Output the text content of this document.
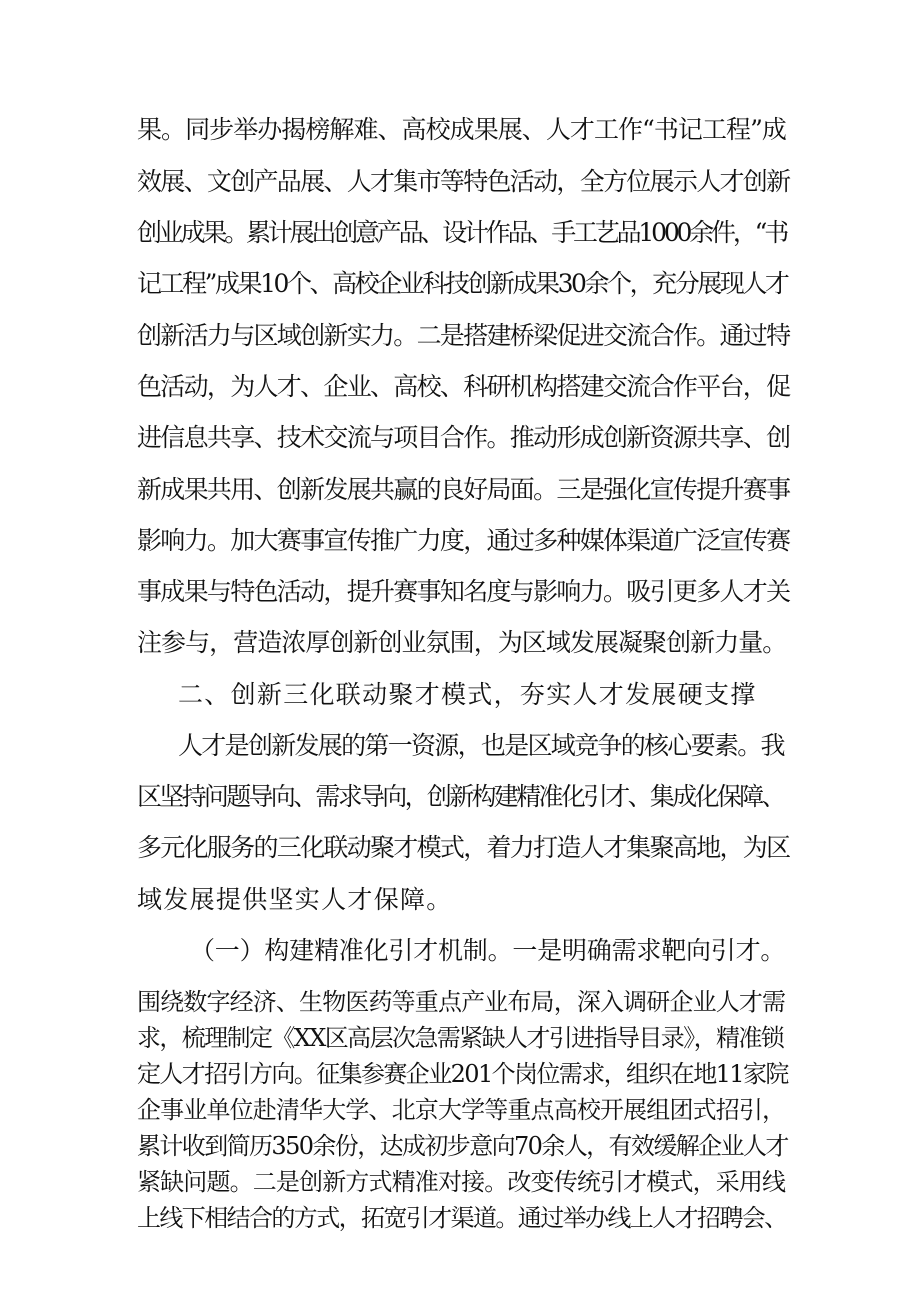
果。同步举办揭榜解难、高校成果展、人才工作“书记工程”成
效展、文创产品展、人才集市等特色活动，全方位展示人才创新
创业成果。累计展出创意产品、设计作品、手工艺品1000余件，“书
记工程”成果10个、高校企业科技创新成果30余个，充分展现人才
创新活力与区域创新实力。二是搭建桥梁促进交流合作。通过特
色活动，为人才、企业、高校、科研机构搭建交流合作平台，促
进信息共享、技术交流与项目合作。推动形成创新资源共享、创
新成果共用、创新发展共赢的良好局面。三是强化宣传提升赛事
影响力。加大赛事宣传推广力度，通过多种媒体渠道广泛宣传赛
事成果与特色活动，提升赛事知名度与影响力。吸引更多人才关
注参与，营造浓厚创新创业氛围，为区域发展凝聚创新力量。
二、创新三化联动聚才模式，夯实人才发展硬支撑
人才是创新发展的第一资源，也是区域竞争的核心要素。我
区坚持问题导向、需求导向，创新构建精准化引才、集成化保障、
多元化服务的三化联动聚才模式，着力打造人才集聚高地，为区
域发展提供坚实人才保障。
（一）构建精准化引才机制。一是明确需求靶向引才。
围绕数字经济、生物医药等重点产业布局，深入调研企业人才需
求，梳理制定《XX区高层次急需紧缺人才引进指导目录》，精准锁
定人才招引方向。征集参赛企业201个岗位需求，组织在地11家院
企事业单位赴清华大学、北京大学等重点高校开展组团式招引，
累计收到简历350余份，达成初步意向70余人，有效缓解企业人才
紧缺问题。二是创新方式精准对接。改变传统引才模式，采用线
上线下相结合的方式，拓宽引才渠道。通过举办线上人才招聘会、
